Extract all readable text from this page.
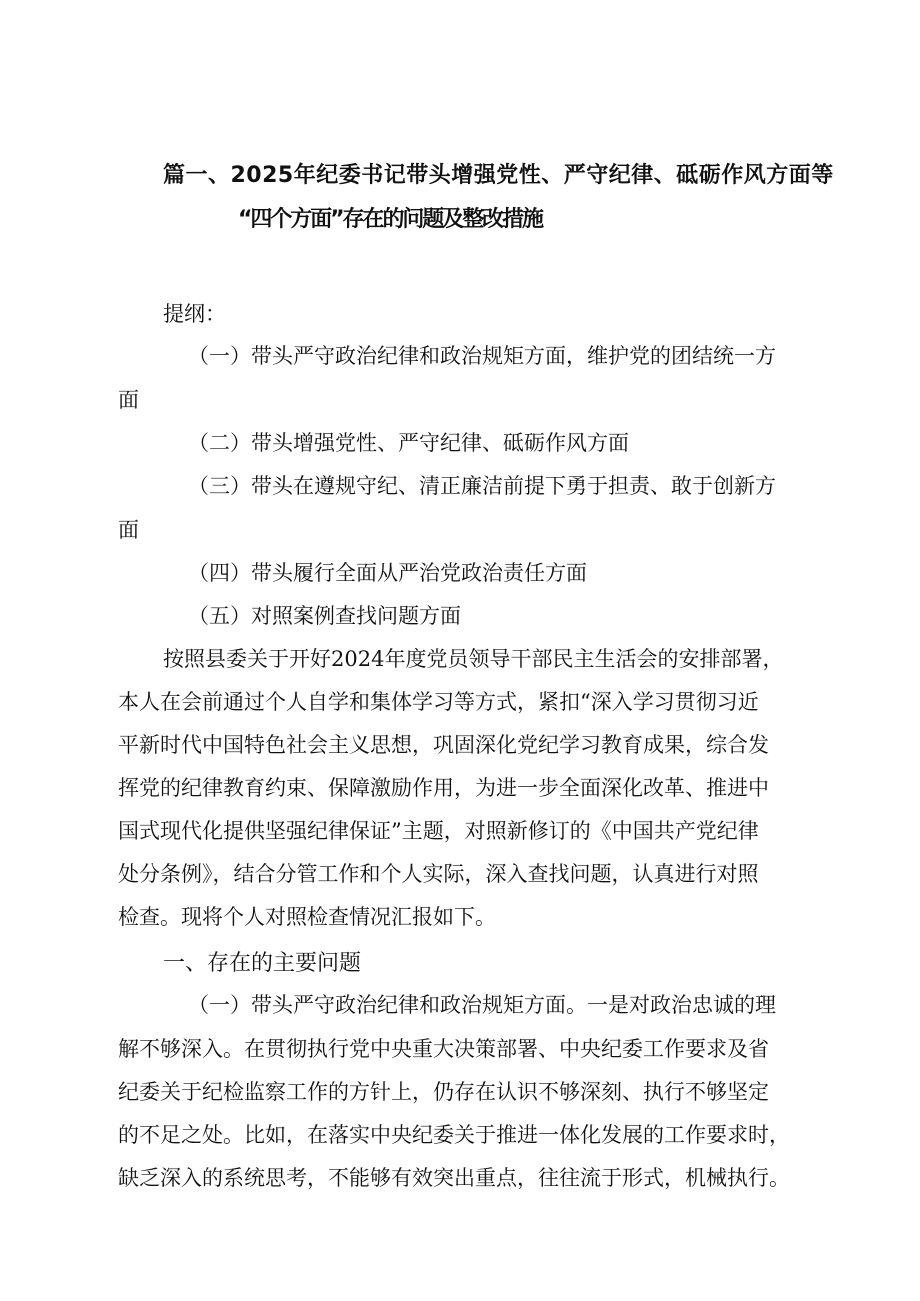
篇一、2025年纪委书记带头增强党性、严守纪律、砥砺作风方面等
“四个方面”存在的问题及整改措施
提纲：
（一）带头严守政治纪律和政治规矩方面，维护党的团结统一方
面
（二）带头增强党性、严守纪律、砥砺作风方面
（三）带头在遵规守纪、清正廉洁前提下勇于担责、敢于创新方
面
（四）带头履行全面从严治党政治责任方面
（五）对照案例查找问题方面
按照县委关于开好2024年度党员领导干部民主生活会的安排部署，
本人在会前通过个人自学和集体学习等方式，紧扣“深入学习贯彻习近
平新时代中国特色社会主义思想，巩固深化党纪学习教育成果，综合发
挥党的纪律教育约束、保障激励作用，为进一步全面深化改革、推进中
国式现代化提供坚强纪律保证”主题，对照新修订的《中国共产党纪律
处分条例》，结合分管工作和个人实际，深入查找问题，认真进行对照
检查。现将个人对照检查情况汇报如下。
一、存在的主要问题
（一）带头严守政治纪律和政治规矩方面。一是对政治忠诚的理
解不够深入。在贯彻执行党中央重大决策部署、中央纪委工作要求及省
纪委关于纪检监察工作的方针上，仍存在认识不够深刻、执行不够坚定
的不足之处。比如，在落实中央纪委关于推进一体化发展的工作要求时，
缺乏深入的系统思考，不能够有效突出重点，往往流于形式，机械执行。
